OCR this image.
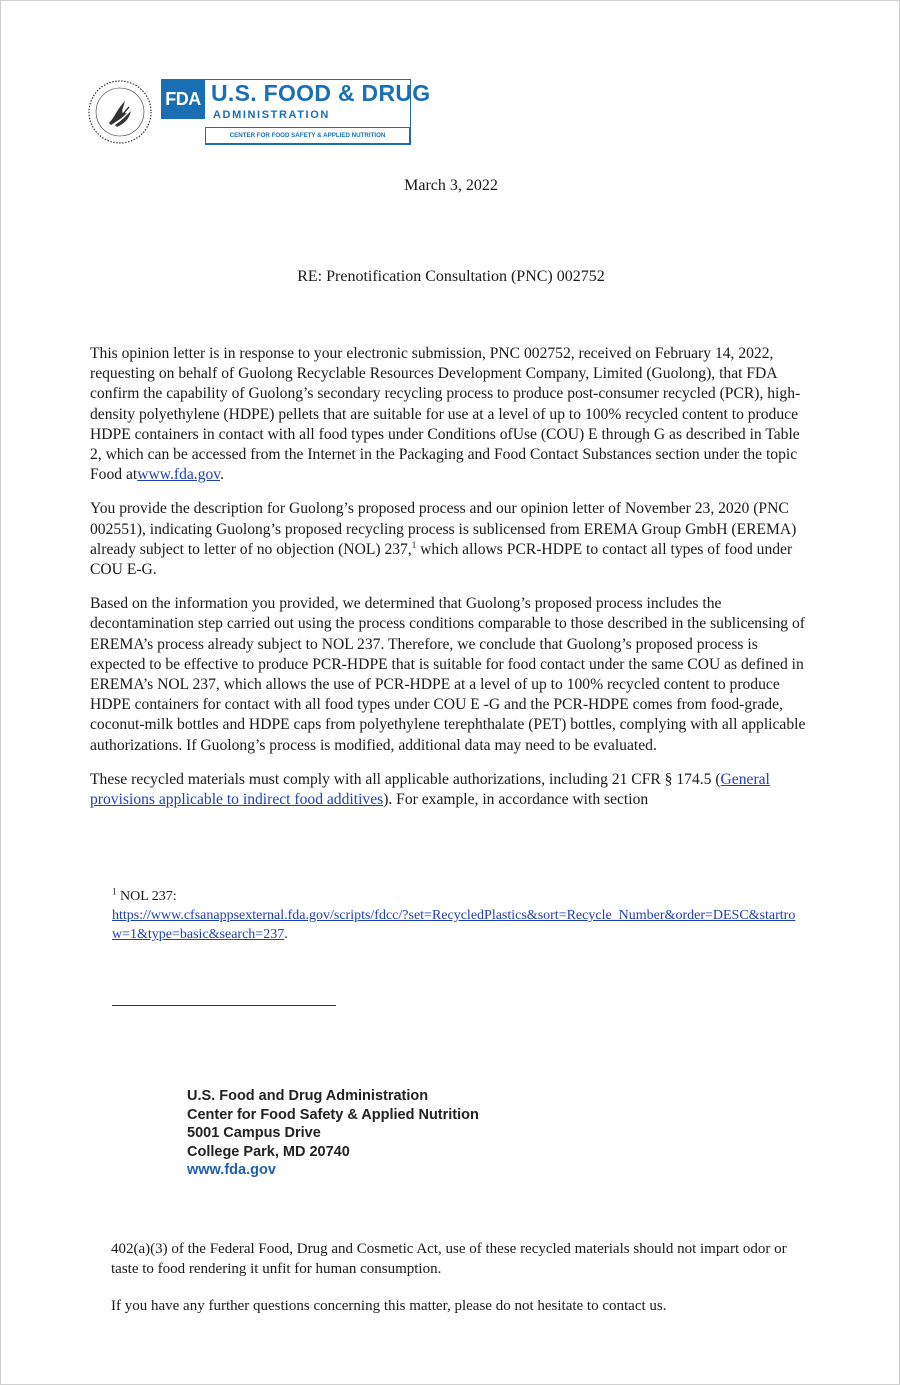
FDA U.S. FOOD & DRUG
ADMINISTRATION
CENTER FOR FOOD SAFETY & APPLIED NUTRITION
March 3, 2022
RE: Prenotification Consultation (PNC) 002752

This opinion letter is in response to your electronic submission, PNC 002752, received on February 14, 2022, requesting on behalf of Guolong Recyclable Resources Development Company, Limited (Guolong), that FDA confirm the capability of Guolong’s secondary recycling process to produce post-consumer recycled (PCR), high-density polyethylene (HDPE) pellets that are suitable for use at a level of up to 100% recycled content to produce HDPE containers in contact with all food types under Conditions ofUse (COU) E through G as described in Table 2, which can be accessed from the Internet in the Packaging and Food Contact Substances section under the topic Food atwww.fda.gov.

You provide the description for Guolong’s proposed process and our opinion letter of November 23, 2020 (PNC 002551), indicating Guolong’s proposed recycling process is sublicensed from EREMA Group GmbH (EREMA) already subject to letter of no objection (NOL) 237,$^1$ which allows PCR-HDPE to contact all types of food under COU E-G.

Based on the information you provided, we determined that Guolong’s proposed process includes the decontamination step carried out using the process conditions comparable to those described in the sublicensing of EREMA’s process already subject to NOL 237. Therefore, we conclude that Guolong’s proposed process is expected to be effective to produce PCR-HDPE that is suitable for food contact under the same COU as defined in EREMA’s NOL 237, which allows the use of PCR-HDPE at a level of up to 100% recycled content to produce HDPE containers for contact with all food types under COU E -G and the PCR-HDPE comes from food-grade, coconut-milk bottles and HDPE caps from polyethylene terephthalate (PET) bottles, complying with all applicable authorizations. If Guolong’s process is modified, additional data may need to be evaluated.

These recycled materials must comply with all applicable authorizations, including 21 CFR § 174.5 (General provisions applicable to indirect food additives). For example, in accordance with section

$^1$ NOL 237:
https://www.cfsanappsexternal.fda.gov/scripts/fdcc/?set=RecycledPlastics&sort=Recycle_Number&order=DESC&startrow=1&type=basic&search=237.
U.S. Food and Drug Administration
Center for Food Safety & Applied Nutrition
5001 Campus Drive
College Park, MD 20740
www.fda.gov

402(a)(3) of the Federal Food, Drug and Cosmetic Act, use of these recycled materials should not impart odor or taste to food rendering it unfit for human consumption.

If you have any further questions concerning this matter, please do not hesitate to contact us.
